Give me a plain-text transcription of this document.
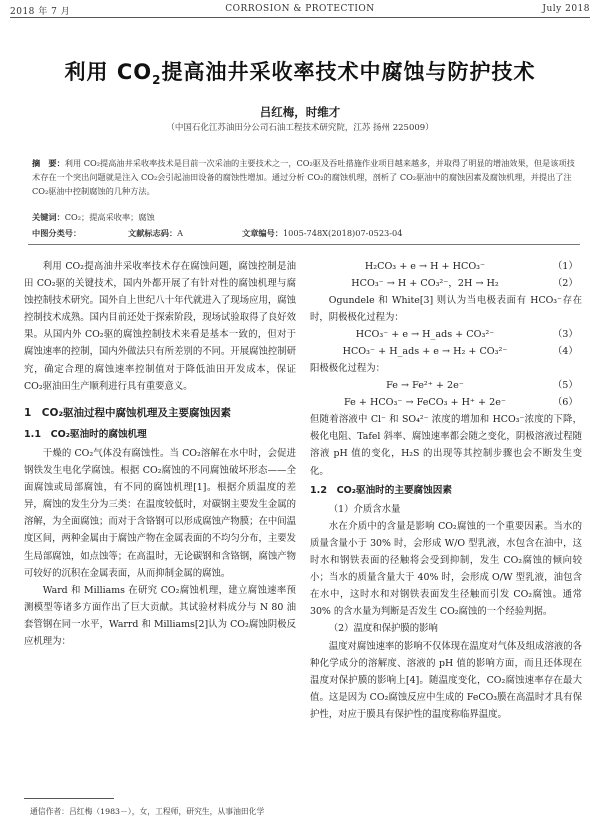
2018 年 7 月	CORROSION & PROTECTION	July 2018
利用 $CO_2$提高油井采收率技术中腐蚀与防护技术
吕红梅，时维才
（中国石化江苏油田分公司石油工程技术研究院，江苏 扬州 225009）
摘　要：利用 CO₂提高油井采收率技术是目前一次采油的主要技术之一，CO₂驱及吞吐措施作业项目越来越多，并取得了明显的增油效果，但是该项技术存在一个突出问题就是注入 CO₂会引起油田设备的腐蚀性增加。通过分析 CO₂的腐蚀机理，剖析了 CO₂驱油中的腐蚀因素及腐蚀机理，并提出了注 CO₂驱油中控制腐蚀的几种方法。
关键词：CO₂；提高采收率；腐蚀
中图分类号：	文献标志码： A	文章编号： 1005-748X(2018)07-0523-04

利用 CO₂提高油井采收率技术存在腐蚀问题，腐蚀控制是油田 CO₂驱的关键技术，国内外都开展了有针对性的腐蚀机理与腐蚀控制技术研究。国外自上世纪八十年代就进入了现场应用，腐蚀控制技术成熟。国内目前还处于探索阶段，现场试验取得了良好效果。从国内外 CO₂驱的腐蚀控制技术来看是基本一致的，但对于腐蚀速率的控制，国内外做法只有所差别的不同。开展腐蚀控制研究，确定合理的腐蚀速率控制值对于降低油田开发成本，保证 CO₂驱油田生产顺利进行具有重要意义。

1　CO₂驱油过程中腐蚀机理及主要腐蚀因素
1.1　CO₂驱油时的腐蚀机理

干燥的 CO₂气体没有腐蚀性。当 CO₂溶解在水中时，会促进钢铁发生电化学腐蚀。根据 CO₂腐蚀的不同腐蚀破坏形态——全面腐蚀或局部腐蚀，有不同的腐蚀机理[1]。根据介质温度的差异，腐蚀的发生分为三类：在温度较低时，对碳钢主要发生金属的溶解，为全面腐蚀；而对于含铬钢可以形成腐蚀产物膜；在中间温度区间，两种金属由于腐蚀产物在金属表面的不均匀分布，主要发生局部腐蚀，如点蚀等；在高温时，无论碳钢和含铬钢，腐蚀产物可较好的沉积在金属表面，从而抑制金属的腐蚀。

Ward 和 Milliams 在研究 CO₂腐蚀机理，建立腐蚀速率预测模型等诸多方面作出了巨大贡献。其试验材料成分与 N 80 油套管钢在同一水平，Warrd 和 Milliams[2]认为 CO₂腐蚀阴极反应机理为：

H₂CO₃ + e → H + HCO₃⁻	（1）
HCO₃⁻ → H + CO₃²⁻，2H → H₂	（2）

Ogundele 和 White[3] 则认为当电极表面有 HCO₃⁻存在时，阴极极化过程为：

HCO₃⁻ + e → H_ads + CO₃²⁻	（3）
HCO₃⁻ + H_ads + e → H₂ + CO₃²⁻	（4）

阳极极化过程为：

Fe → Fe²⁺ + 2e⁻	（5）
Fe + HCO₃⁻ → FeCO₃ + H⁺ + 2e⁻	（6）

但随着溶液中 Cl⁻ 和 SO₄²⁻ 浓度的增加和 HCO₃⁻浓度的下降，极化电阻、Tafel 斜率、腐蚀速率都会随之变化，阴极溶液过程随溶液 pH 值的变化，H₂S 的出现等其控制步骤也会不断发生变化。

1.2　CO₂驱油时的主要腐蚀因素

（1）介质含水量

水在介质中的含量是影响 CO₂腐蚀的一个重要因素。当水的质量含量小于 30% 时，会形成 W/O 型乳液，水包含在油中，这时水和钢铁表面的径触将会受到抑制，发生 CO₂腐蚀的倾向较小；当水的质量含量大于 40% 时，会形成 O/W 型乳液，油包含在水中，这时水和对钢铁表面发生径触而引发 CO₂腐蚀。通常 30% 的含水量为判断是否发生 CO₂腐蚀的一个经验判据。

（2）温度和保护膜的影响

温度对腐蚀速率的影响不仅体现在温度对气体及组成溶液的各种化学成分的溶解度、溶液的 pH 值的影响方面，而且还体现在温度对保护膜的影响上[4]。随温度变化，CO₂腐蚀速率存在最大值。这是因为 CO₂腐蚀反应中生成的 FeCO₃膜在高温时才具有保护性，对应于膜具有保护性的温度称临界温度。

通信作者：吕红梅（1983－），女，工程师，研究生，从事油田化学
